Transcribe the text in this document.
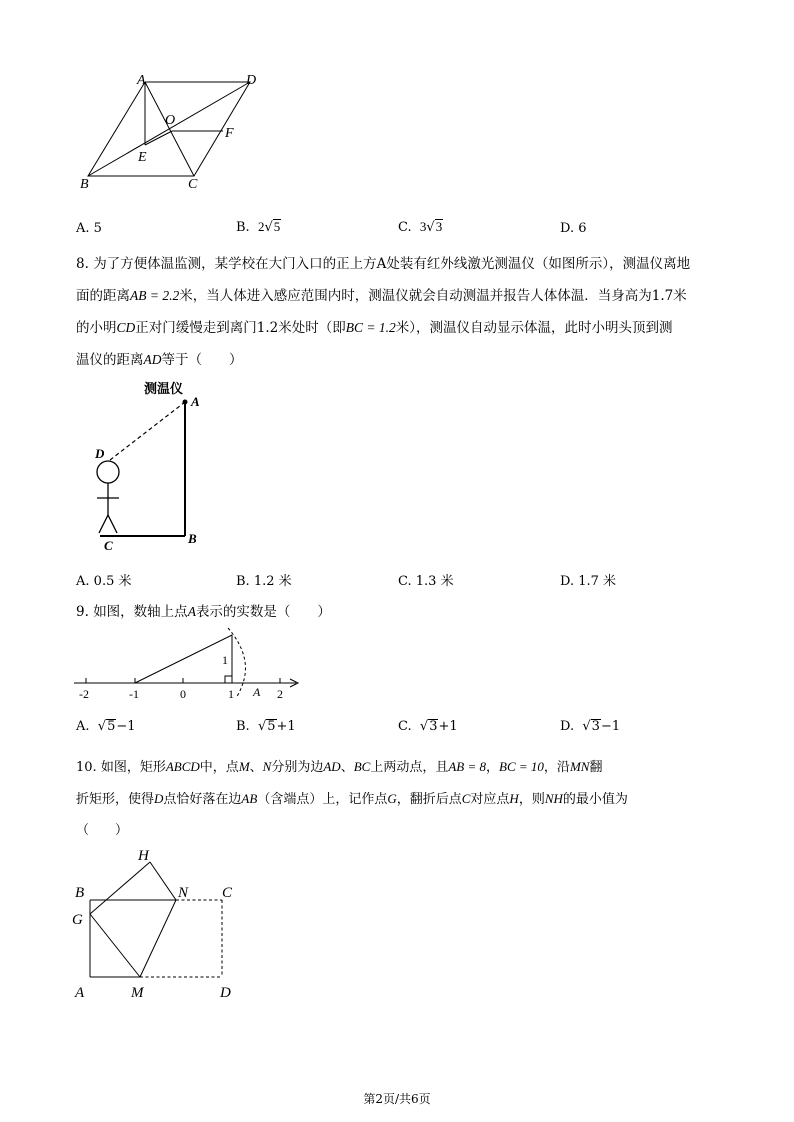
A	D
O
F
E
B	C
A. 5	B. 2√5	C. 3√3	D. 6
8. 为了方便体温监测，某学校在大门入口的正上方A处装有红外线激光测温仪（如图所示），测温仪离地
面的距离AB = 2.2米，当人体进入感应范围内时，测温仪就会自动测温并报告人体体温．当身高为1.7米
的小明CD正对门缓慢走到离门1.2米处时（即BC = 1.2米），测温仪自动显示体温，此时小明头顶到测
温仪的距离AD等于（　　）
测温仪
A
D
B
C
A. 0.5 米	B. 1.2 米	C. 1.3 米	D. 1.7 米
9. 如图，数轴上点A表示的实数是（　　）
-2	-1	0	1	2
1
A
A.  √5−1	B.  √5+1	C.  √3+1	D.  √3−1
10. 如图，矩形ABCD中，点M、N分别为边AD、BC上两动点，且AB = 8，BC = 10，沿MN翻
折矩形，使得D点恰好落在边AB（含端点）上，记作点G，翻折后点C对应点H，则NH的最小值为
（　　）
H
B	N C
G
A	M	D
第2页/共6页
